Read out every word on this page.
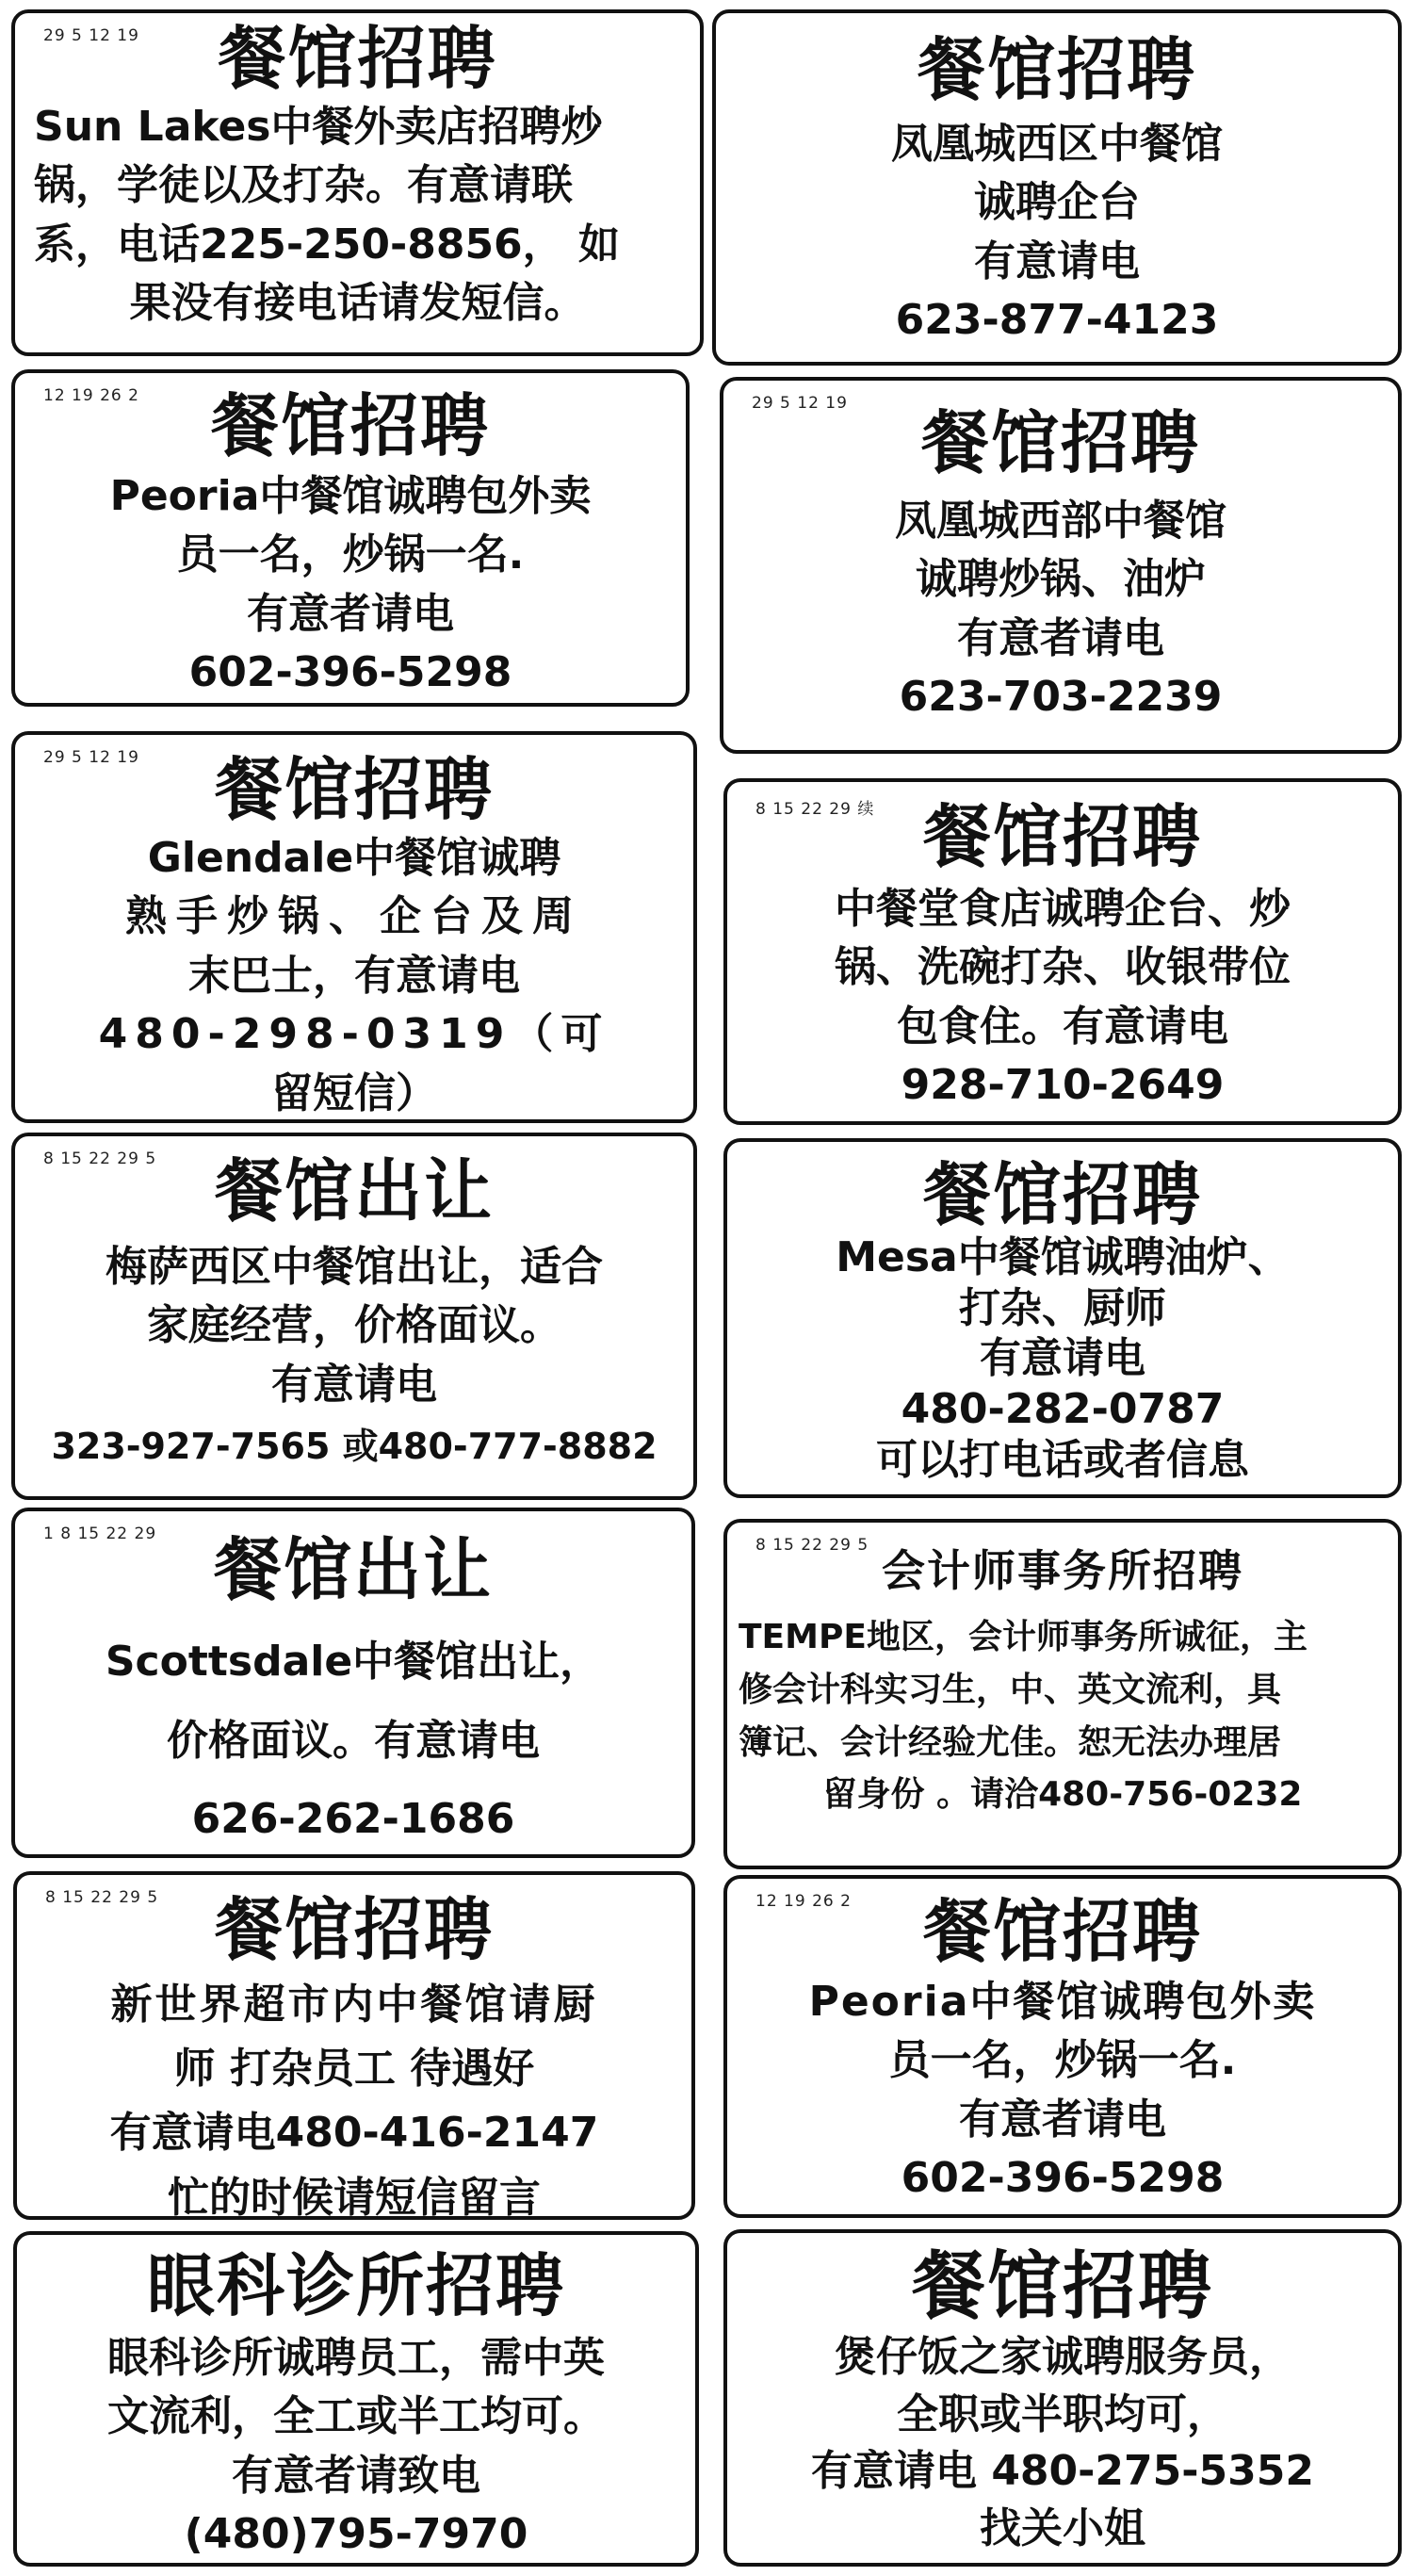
29 5 12 19	餐馆招聘
Sun Lakes中餐外卖店招聘炒
锅，学徒以及打杂。有意请联
系，电话225-250-8856， 如
果没有接电话请发短信。
12 19 26 2	餐馆招聘
Peoria中餐馆诚聘包外卖
员一名，炒锅一名.
有意者请电
602-396-5298
29 5 12 19	餐馆招聘
Glendale中餐馆诚聘
熟手炒锅、企台及周
末巴士，有意请电
480-298-0319（可
留短信）
8 15 22 29 5 餐馆出让
梅萨西区中餐馆出让，适合
家庭经营，价格面议。
有意请电
323-927-7565 或480-777-8882
1 8 15 22 29 餐馆出让
Scottsdale中餐馆出让，
价格面议。有意请电
626-262-1686
8 15 22 29 5 餐馆招聘
新世界超市内中餐馆请厨
师 打杂员工 待遇好
有意请电480-416-2147
忙的时候请短信留言
眼科诊所招聘
眼科诊所诚聘员工，需中英
文流利，全工或半工均可。
有意者请致电
(480)795-7970
餐馆招聘
凤凰城西区中餐馆
诚聘企台
有意请电
623-877-4123
29 5 12 19	餐馆招聘
凤凰城西部中餐馆
诚聘炒锅、油炉
有意者请电
623-703-2239
8 15 22 29 续 餐馆招聘
中餐堂食店诚聘企台、炒
锅、洗碗打杂、收银带位
包食住。有意请电
928-710-2649
餐馆招聘
Mesa中餐馆诚聘油炉、
打杂、厨师
有意请电
480-282-0787
可以打电话或者信息
8 15 22 29 5 会计师事务所招聘
TEMPE地区，会计师事务所诚征，主
修会计科实习生，中、英文流利，具
簿记、会计经验尤佳。恕无法办理居
留身份 。请洽480-756-0232
12 19 26 2	餐馆招聘
Peoria中餐馆诚聘包外卖
员一名，炒锅一名.
有意者请电
602-396-5298
餐馆招聘
煲仔饭之家诚聘服务员，
全职或半职均可，
有意请电 480-275-5352
找关小姐
